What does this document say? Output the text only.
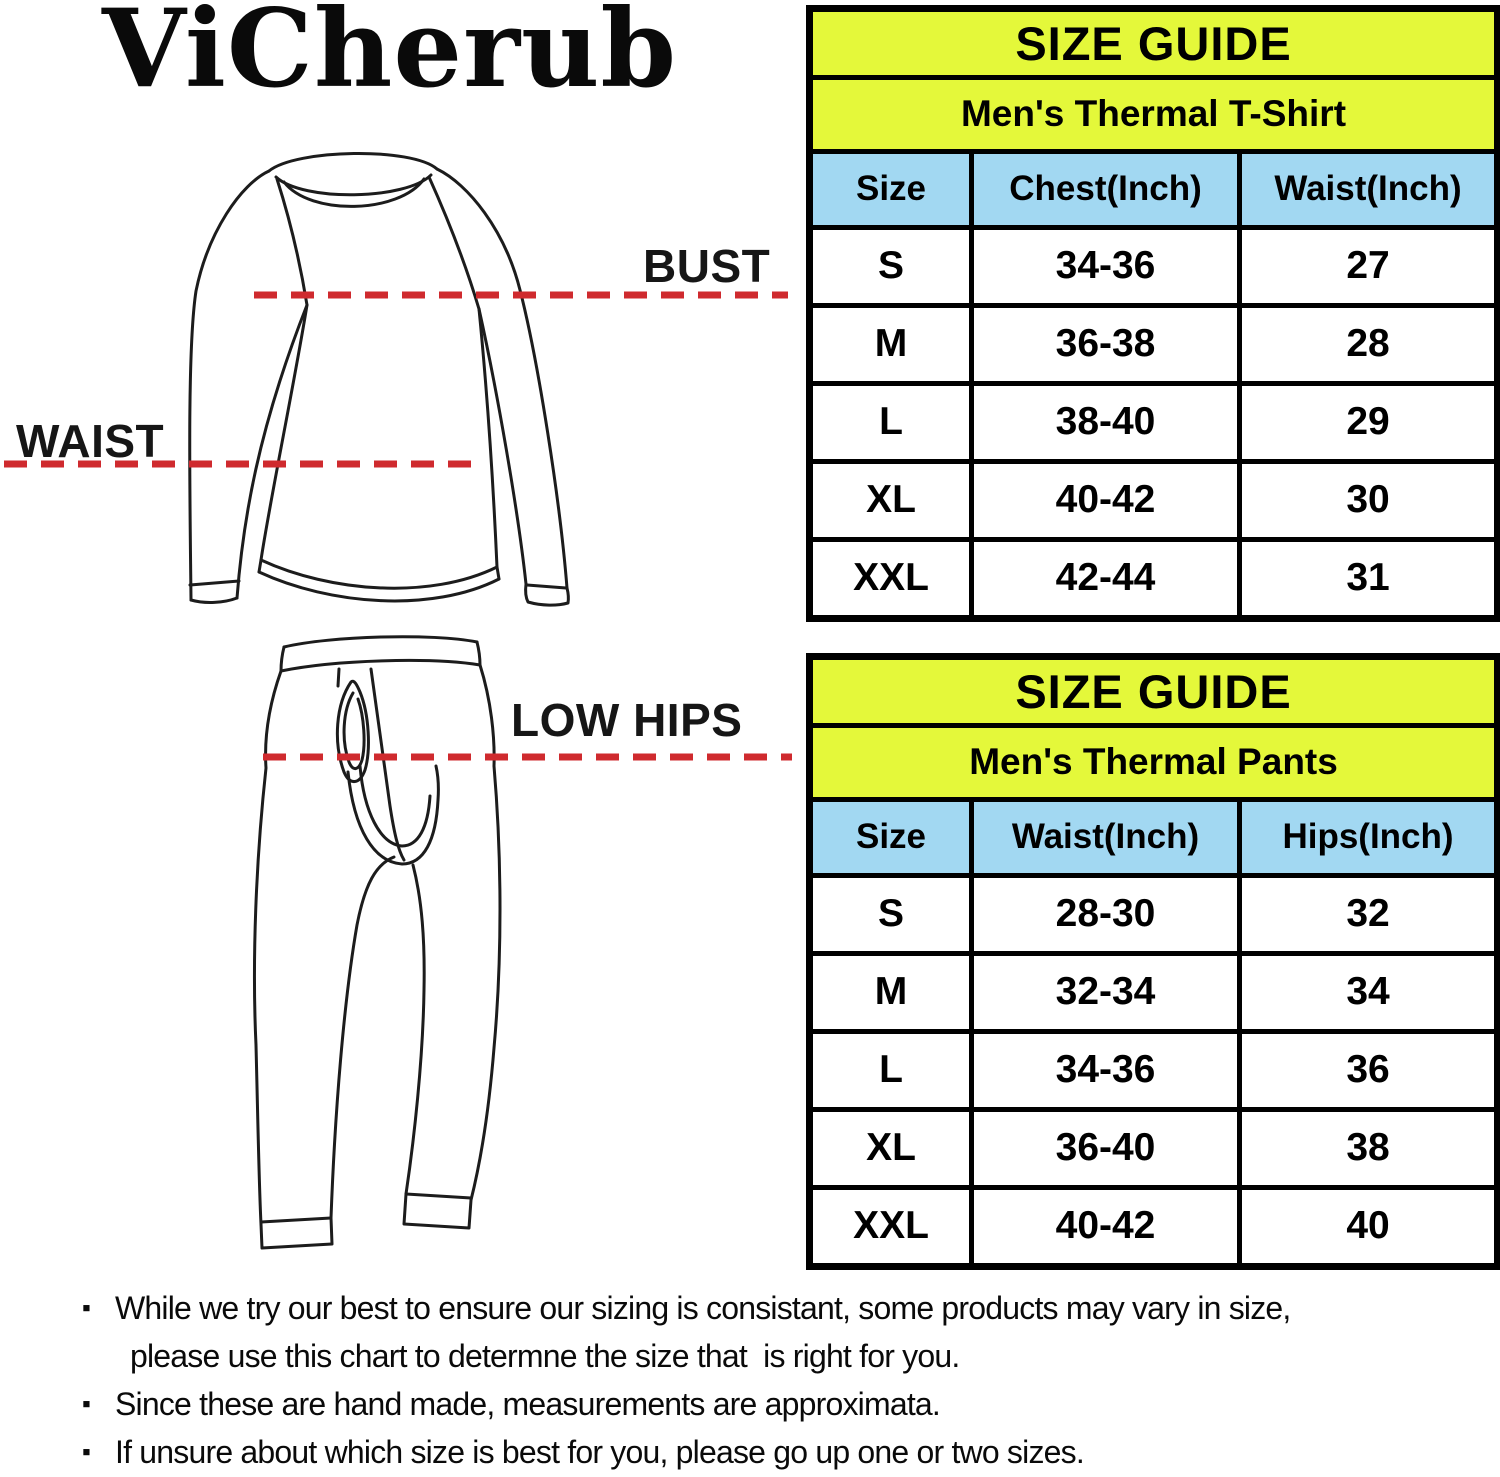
ViCherub
BUST
WAIST
LOW HIPS
SIZE GUIDE		
Men's Thermal T-Shirt		
Size	Chest(Inch)	Waist(Inch)
S	34-36	27
M	36-38	28
L	38-40	29
XL	40-42	30
XXL	42-44	31
SIZE GUIDE		
Men's Thermal Pants		
Size	Waist(Inch)	Hips(Inch)
S	28-30	32
M	32-34	34
L	34-36	36
XL	36-40	38
XXL	40-42	40
▪ While we try our best to ensure our sizing is consistant, some products may vary in size,
please use this chart to determne the size that  is right for you.
▪ Since these are hand made, measurements are approximata.
▪ If unsure about which size is best for you, please go up one or two sizes.
